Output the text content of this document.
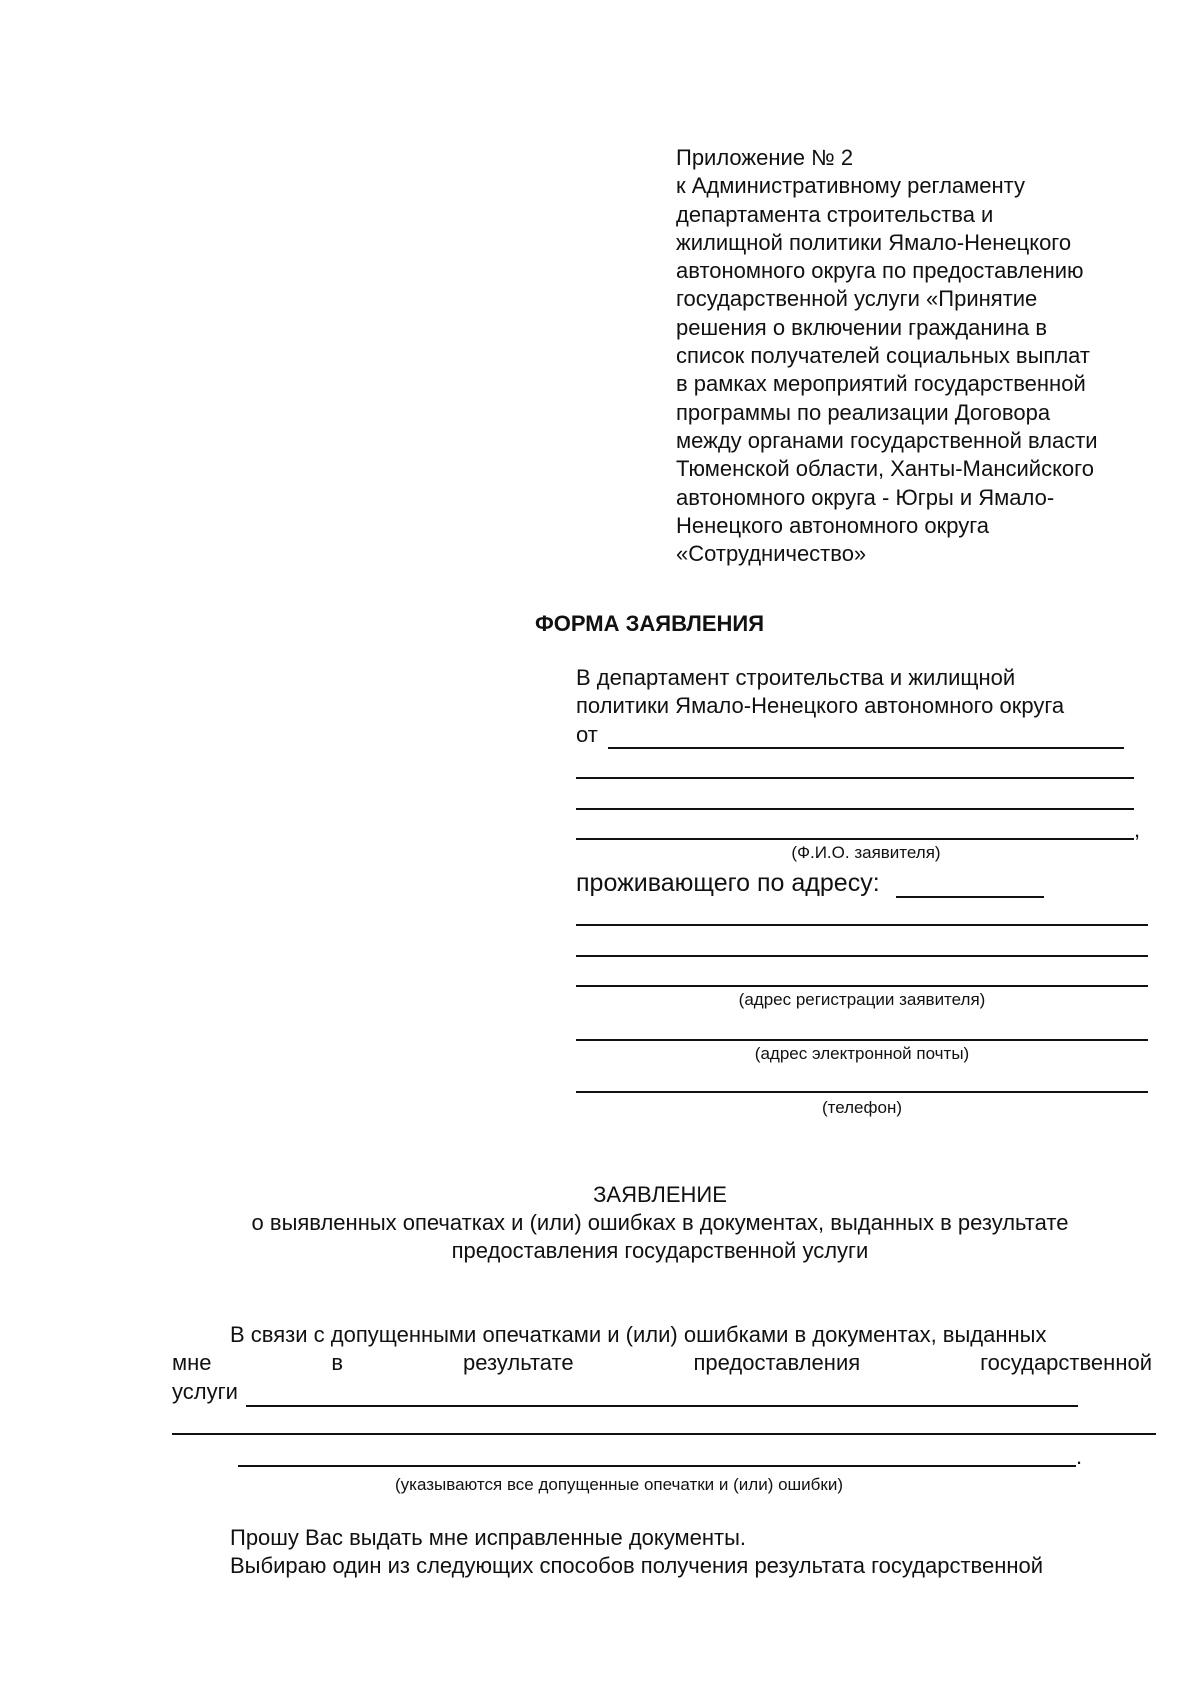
Приложение № 2
к Административному регламенту
департамента строительства и
жилищной политики Ямало-Ненецкого
автономного округа по предоставлению
государственной услуги «Принятие
решения о включении гражданина в
список получателей социальных выплат
в рамках мероприятий государственной
программы по реализации Договора
между органами государственной власти
Тюменской области, Ханты-Мансийского
автономного округа - Югры и Ямало-
Ненецкого автономного округа
«Сотрудничество»
ФОРМА ЗАЯВЛЕНИЯ
В департамент строительства и жилищной
политики Ямало-Ненецкого автономного округа
от
,
(Ф.И.О. заявителя)
проживающего по адресу:
(адрес регистрации заявителя)
(адрес электронной почты)
(телефон)
ЗАЯВЛЕНИЕ
о выявленных опечатках и (или) ошибках в документах, выданных в результате
предоставления государственной услуги
В связи с допущенными опечатками и (или) ошибками в документах, выданных
мне	в	результате	предоставления	государственной
услуги
.
(указываются все допущенные опечатки и (или) ошибки)
Прошу Вас выдать мне исправленные документы.
Выбираю один из следующих способов получения результата государственной
